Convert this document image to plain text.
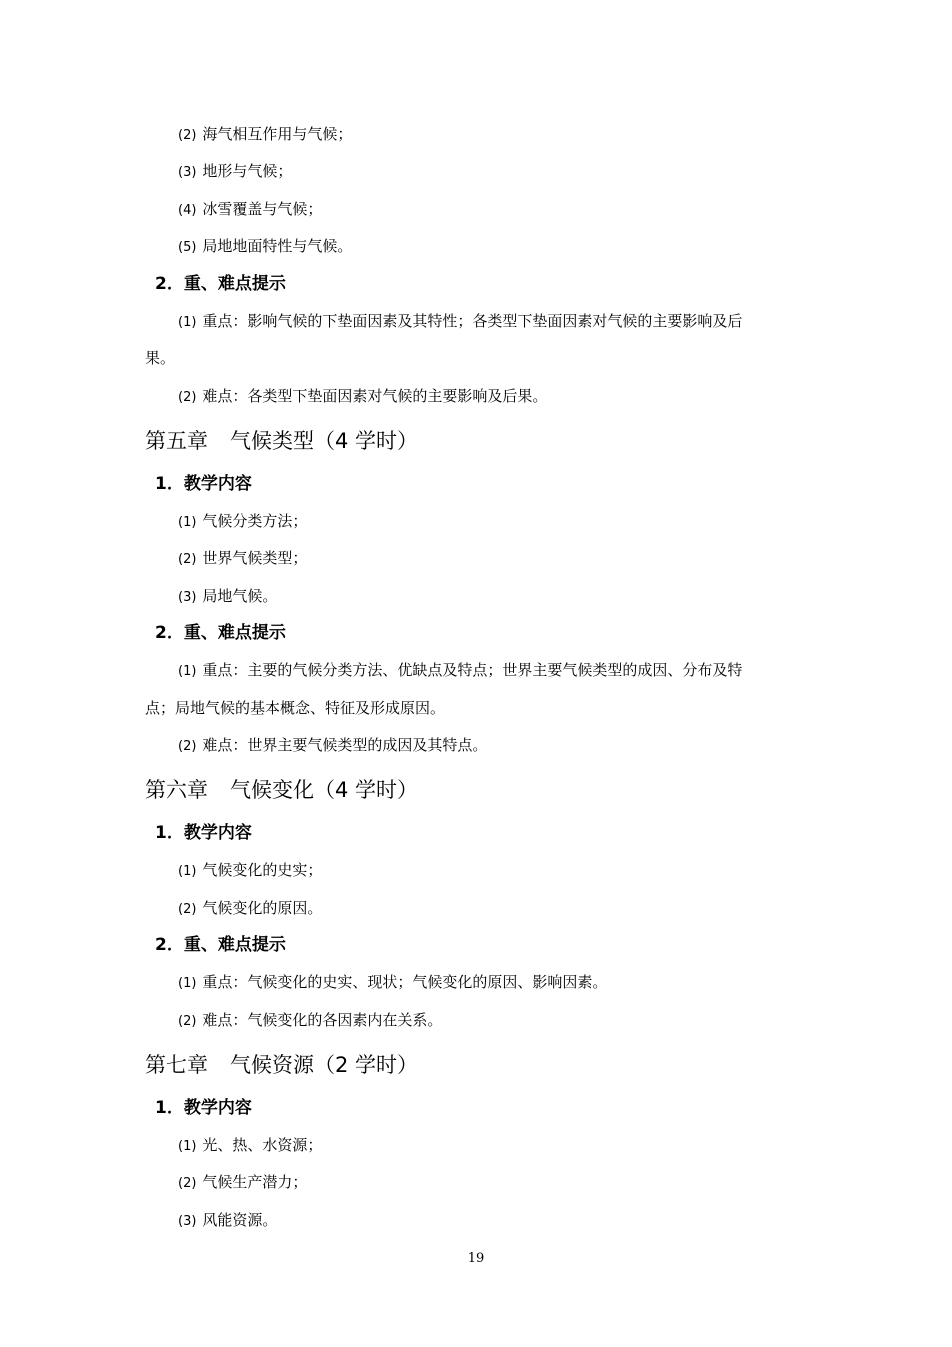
(2) 海气相互作用与气候；
(3) 地形与气候；
(4) 冰雪覆盖与气候；
(5) 局地地面特性与气候。
2．重、难点提示
(1) 重点：影响气候的下垫面因素及其特性；各类型下垫面因素对气候的主要影响及后
果。
(2) 难点：各类型下垫面因素对气候的主要影响及后果。
第五章 气候类型（4 学时）
1．教学内容
(1) 气候分类方法；
(2) 世界气候类型；
(3) 局地气候。
2．重、难点提示
(1) 重点：主要的气候分类方法、优缺点及特点；世界主要气候类型的成因、分布及特
点；局地气候的基本概念、特征及形成原因。
(2) 难点：世界主要气候类型的成因及其特点。
第六章 气候变化（4 学时）
1．教学内容
(1) 气候变化的史实；
(2) 气候变化的原因。
2．重、难点提示
(1) 重点：气候变化的史实、现状；气候变化的原因、影响因素。
(2) 难点：气候变化的各因素内在关系。
第七章 气候资源（2 学时）
1．教学内容
(1) 光、热、水资源；
(2) 气候生产潜力；
(3) 风能资源。
19
